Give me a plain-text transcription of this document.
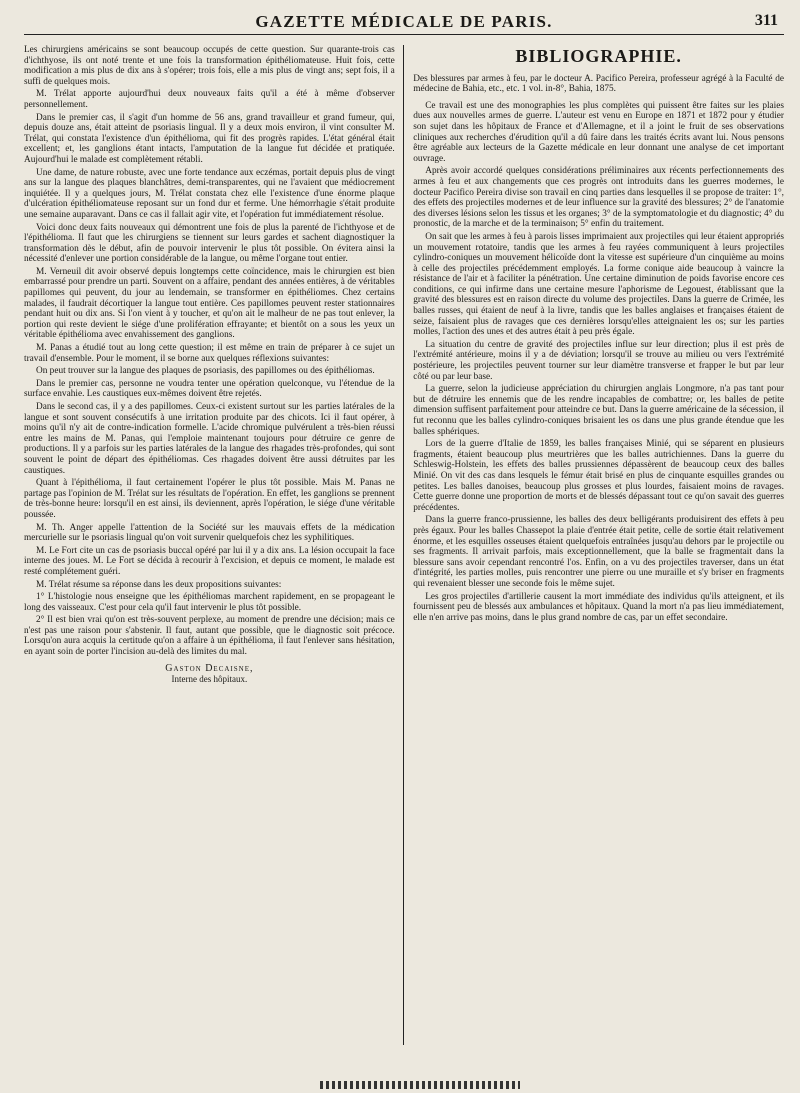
GAZETTE MÉDICALE DE PARIS.	311

Les chirurgiens américains se sont beaucoup occupés de cette question. Sur quarante-trois cas d'ichthyose, ils ont noté trente et une fois la transformation épithéliomateuse. Huit fois, cette modification a mis plus de dix ans à s'opérer; trois fois, elle a mis plus de vingt ans; sept fois, il a suffi de quelques mois.

M. Trélat apporte aujourd'hui deux nouveaux faits qu'il a été à même d'observer personnellement.

Dans le premier cas, il s'agit d'un homme de 56 ans, grand travailleur et grand fumeur, qui, depuis douze ans, était atteint de psoriasis lingual. Il y a deux mois environ, il vint consulter M. Trélat, qui constata l'existence d'un épithélioma, qui fit des progrès rapides. L'état général était excellent; et, les ganglions étant intacts, l'amputation de la langue fut décidée et pratiquée. Aujourd'hui le malade est complètement rétabli.

Une dame, de nature robuste, avec une forte tendance aux eczémas, portait depuis plus de vingt ans sur la langue des plaques blanchâtres, demi-transparentes, qui ne l'avaient que médiocrement inquiétée. Il y a quelques jours, M. Trélat constata chez elle l'existence d'une énorme plaque d'ulcération épithéliomateuse reposant sur un fond dur et ferme. Une hémorrhagie s'était produite une semaine auparavant. Dans ce cas il fallait agir vite, et l'opération fut immédiatement résolue.

Voici donc deux faits nouveaux qui démontrent une fois de plus la parenté de l'ichthyose et de l'épithélioma. Il faut que les chirurgiens se tiennent sur leurs gardes et sachent diagnostiquer la transformation dès le début, afin de pouvoir intervenir le plus tôt possible. On évitera ainsi la nécessité d'enlever une portion considérable de la langue, ou même l'organe tout entier.

M. Verneuil dit avoir observé depuis longtemps cette coïncidence, mais le chirurgien est bien embarrassé pour prendre un parti. Souvent on a affaire, pendant des années entières, à de véritables papillomes qui peuvent, du jour au lendemain, se transformer en épithéliomes. Chez certains malades, il faudrait décortiquer la langue tout entière. Ces papillomes peuvent rester stationnaires pendant huit ou dix ans. Si l'on vient à y toucher, et qu'on ait le malheur de ne pas tout enlever, la portion qui reste devient le siége d'une prolifération effrayante; et bientôt on a sous les yeux un véritable épithélioma avec envahissement des ganglions.

M. Panas a étudié tout au long cette question; il est même en train de préparer à ce sujet un travail d'ensemble. Pour le moment, il se borne aux quelques réflexions suivantes:

On peut trouver sur la langue des plaques de psoriasis, des papillomes ou des épithéliomas.

Dans le premier cas, personne ne voudra tenter une opération quelconque, vu l'étendue de la surface envahie. Les caustiques eux-mêmes doivent être rejetés.

Dans le second cas, il y a des papillomes. Ceux-ci existent surtout sur les parties latérales de la langue et sont souvent consécutifs à une irritation produite par des chicots. Ici il faut opérer, à moins qu'il n'y ait de contre-indication formelle. L'acide chromique pulvérulent a très-bien réussi entre les mains de M. Panas, qui l'emploie maintenant toujours pour détruire ce genre de productions. Il y a parfois sur les parties latérales de la langue des rhagades très-profondes, qui sont souvent le point de départ des épithéliomas. Ces rhagades doivent être aussi détruites par les caustiques.

Quant à l'épithélioma, il faut certainement l'opérer le plus tôt possible. Mais M. Panas ne partage pas l'opinion de M. Trélat sur les résultats de l'opération. En effet, les ganglions se prennent de très-bonne heure: lorsqu'il en est ainsi, ils deviennent, après l'opération, le siége d'une véritable poussée.

M. Th. Anger appelle l'attention de la Société sur les mauvais effets de la médication mercurielle sur le psoriasis lingual qu'on voit survenir quelquefois chez les syphilitiques.

M. Le Fort cite un cas de psoriasis buccal opéré par lui il y a dix ans. La lésion occupait la face interne des joues. M. Le Fort se décida à recourir à l'excision, et depuis ce moment, le malade est resté complétement guéri.

M. Trélat résume sa réponse dans les deux propositions suivantes:

1° L'histologie nous enseigne que les épithéliomas marchent rapidement, en se propageant le long des vaisseaux. C'est pour cela qu'il faut intervenir le plus tôt possible.

2° Il est bien vrai qu'on est très-souvent perplexe, au moment de prendre une décision; mais ce n'est pas une raison pour s'abstenir. Il faut, autant que possible, que le diagnostic soit précoce. Lorsqu'on aura acquis la certitude qu'on a affaire à un épithélioma, il faut l'enlever sans hésitation, en ayant soin de porter l'incision au-delà des limites du mal.

Gaston Decaisne,
Interne des hôpitaux.
BIBLIOGRAPHIE.

Des blessures par armes à feu, par le docteur A. Pacifico Pereira, professeur agrégé à la Faculté de médecine de Bahia, etc., etc. 1 vol. in-8°, Bahia, 1875.

Ce travail est une des monographies les plus complètes qui puissent être faites sur les plaies dues aux nouvelles armes de guerre. L'auteur est venu en Europe en 1871 et 1872 pour y étudier son sujet dans les hôpitaux de France et d'Allemagne, et il a joint le fruit de ses observations cliniques aux recherches d'érudition qu'il a dû faire dans les traités écrits avant lui. Nous pensons être agréable aux lecteurs de la Gazette médicale en leur donnant une analyse de cet important ouvrage.

Après avoir accordé quelques considérations préliminaires aux récents perfectionnements des armes à feu et aux changements que ces progrès ont introduits dans les guerres modernes, le docteur Pacifico Pereira divise son travail en cinq parties dans lesquelles il se propose de traiter: 1°, des effets des projectiles modernes et de leur influence sur la gravité des blessures; 2° de l'anatomie des diverses lésions selon les tissus et les organes; 3° de la symptomatologie et du diagnostic; 4° du pronostic, de la marche et de la terminaison; 5° enfin du traitement.

On sait que les armes à feu à parois lisses imprimaient aux projectiles qui leur étaient appropriés un mouvement rotatoire, tandis que les armes à feu rayées communiquent à leurs projectiles cylindro-coniques un mouvement hélicoïde dont la vitesse est supérieure d'un cinquième au moins à celle des projectiles précédemment employés. La forme conique aide beaucoup à vaincre la résistance de l'air et à faciliter la pénétration. Une certaine diminution de poids favorise encore ces conditions, ce qui infirme dans une certaine mesure l'aphorisme de Legouest, établissant que la gravité des blessures est en raison directe du volume des projectiles. Dans la guerre de Crimée, les balles russes, qui étaient de neuf à la livre, tandis que les balles anglaises et françaises étaient de seize, faisaient plus de ravages que ces dernières lorsqu'elles atteignaient les os; sur les parties molles, l'action des unes et des autres était à peu près égale.

La situation du centre de gravité des projectiles influe sur leur direction; plus il est près de l'extrémité antérieure, moins il y a de déviation; lorsqu'il se trouve au milieu ou vers l'extrémité postérieure, les projectiles peuvent tourner sur leur diamètre transverse et frapper le but par leur côté ou par leur base.

La guerre, selon la judicieuse appréciation du chirurgien anglais Longmore, n'a pas tant pour but de détruire les ennemis que de les rendre incapables de combattre; or, les balles de petite dimension suffisent parfaitement pour atteindre ce but. Dans la guerre américaine de la sécession, il fut reconnu que les balles cylindro-coniques brisaient les os dans une plus grande étendue que les balles sphériques.

Lors de la guerre d'Italie de 1859, les balles françaises Minié, qui se séparent en plusieurs fragments, étaient beaucoup plus meurtrières que les balles autrichiennes. Dans la guerre du Schleswig-Holstein, les effets des balles prussiennes dépassèrent de beaucoup ceux des balles Minié. On vit des cas dans lesquels le fémur était brisé en plus de cinquante esquilles grandes ou petites. Les balles danoises, beaucoup plus grosses et plus lourdes, faisaient moins de ravages. Cette guerre donne une proportion de morts et de blessés dépassant tout ce qu'on savait des guerres précédentes.

Dans la guerre franco-prussienne, les balles des deux belligérants produisirent des effets à peu près égaux. Pour les balles Chassepot la plaie d'entrée était petite, celle de sortie était relativement énorme, et les esquilles osseuses étaient quelquefois entraînées jusqu'au dehors par le projectile ou ses fragments. Il arrivait parfois, mais exceptionnellement, que la balle se fragmentait dans la blessure sans avoir cependant rencontré l'os. Enfin, on a vu des projectiles traverser, dans un état d'intégrité, les parties molles, puis rencontrer une pierre ou une muraille et s'y briser en fragments qui revenaient blesser une seconde fois le même sujet.

Les gros projectiles d'artillerie causent la mort immédiate des individus qu'ils atteignent, et ils fournissent peu de blessés aux ambulances et hôpitaux. Quand la mort n'a pas lieu immédiatement, elle n'en arrive pas moins, dans le plus grand nombre de cas, par un effet secondaire.
